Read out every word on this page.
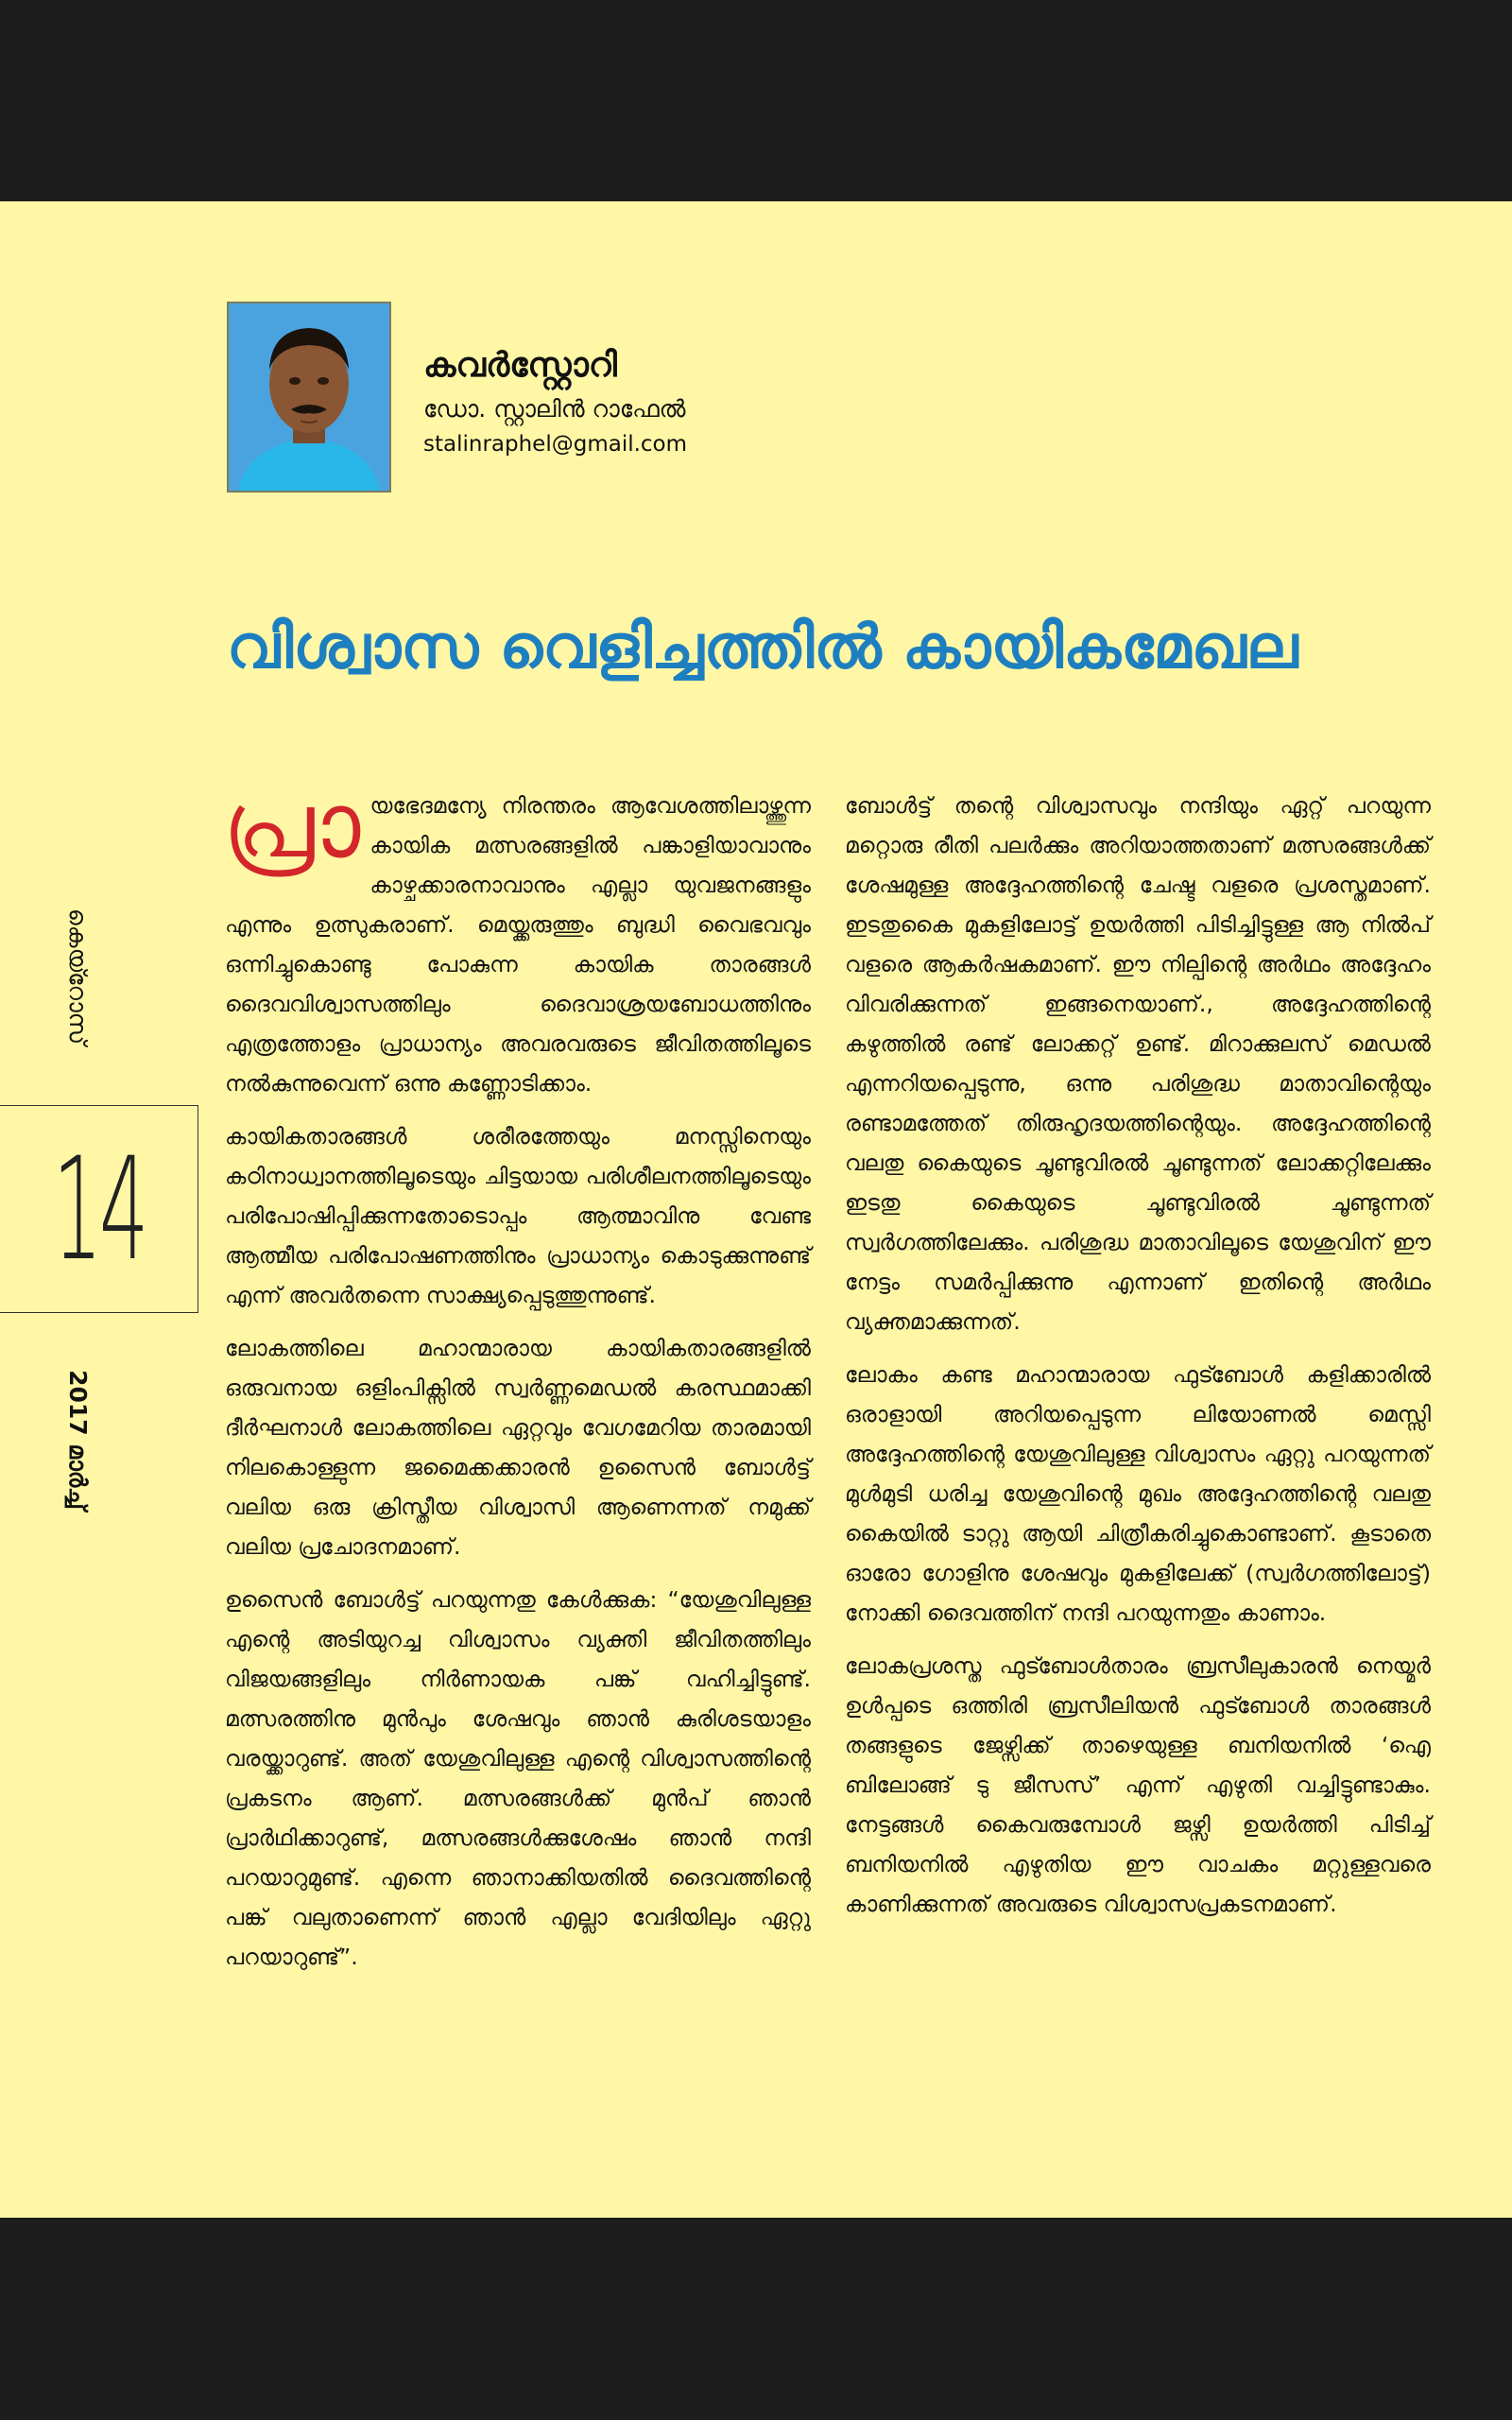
കവർസ്റ്റോറി
ഡോ. സ്റ്റാലിൻ റാഫേൽ
stalinraphel@gmail.com
വിശ്വാസ വെളിച്ചത്തിൽ കായികമേഖല
കെയ്റോസ്
14
2017 മാർച്ച്

പ്രാ യഭേദമന്യേ നിരന്തരം ആവേശത്തിലാഴ്ത്തുന്ന കായിക മത്സരങ്ങളിൽ പങ്കാളിയാവാനും കാഴ്ചക്കാരനാവാനും എല്ലാ യുവജനങ്ങളും എന്നും ഉത്സുകരാണ്. മെയ്ക്കരുത്തും ബുദ്ധി വൈഭവവും ഒന്നിച്ചുകൊണ്ടു പോകുന്ന കായിക താരങ്ങൾ ദൈവവിശ്വാസത്തിലും ദൈവാശ്രയബോധത്തിനും എത്രത്തോളം പ്രാധാന്യം അവരവരുടെ ജീവിതത്തിലൂടെ നൽകുന്നുവെന്ന് ഒന്നു കണ്ണോടിക്കാം.

കായികതാരങ്ങൾ ശരീരത്തേയും മനസ്സിനെയും കഠിനാധ്വാനത്തിലൂടെയും ചിട്ടയായ പരിശീലനത്തിലൂടെയും പരിപോഷിപ്പിക്കുന്നതോടൊപ്പം ആത്മാവിനു വേണ്ട ആത്മീയ പരിപോഷണത്തിനും പ്രാധാന്യം കൊടുക്കുന്നുണ്ട് എന്ന് അവർതന്നെ സാക്ഷ്യപ്പെടുത്തുന്നുണ്ട്.

ലോകത്തിലെ മഹാന്മാരായ കായികതാരങ്ങളിൽ ഒരുവനായ ഒളിംപിക്സിൽ സ്വർണ്ണമെഡൽ കരസ്ഥമാക്കി ദീർഘനാൾ ലോകത്തിലെ ഏറ്റവും വേഗമേറിയ താരമായി നിലകൊള്ളുന്ന ജമൈക്കക്കാരൻ ഉസൈൻ ബോൾട്ട് വലിയ ഒരു ക്രിസ്തീയ വിശ്വാസി ആണെന്നത് നമുക്ക് വലിയ പ്രചോദനമാണ്.

ഉസൈൻ ബോൾട്ട് പറയുന്നതു കേൾക്കുക: “യേശുവിലുള്ള എന്റെ അടിയുറച്ച വിശ്വാസം വ്യക്തി ജീവിതത്തിലും വിജയങ്ങളിലും നിർണായക പങ്ക് വഹിച്ചിട്ടുണ്ട്. മത്സരത്തിനു മുൻപും ശേഷവും ഞാൻ കുരിശടയാളം വരയ്ക്കാറുണ്ട്. അത് യേശുവിലുള്ള എന്റെ വിശ്വാസത്തിന്റെ പ്രകടനം ആണ്. മത്സരങ്ങൾക്ക് മുൻപ് ഞാൻ പ്രാർഥിക്കാറുണ്ട്, മത്സരങ്ങൾക്കുശേഷം ഞാൻ നന്ദി പറയാറുമുണ്ട്. എന്നെ ഞാനാക്കിയതിൽ ദൈവത്തിന്റെ പങ്ക് വലുതാണെന്ന് ഞാൻ എല്ലാ വേദിയിലും ഏറ്റു പറയാറുണ്ട്”.

ബോൾട്ട് തന്റെ വിശ്വാസവും നന്ദിയും ഏറ്റ് പറയുന്ന മറ്റൊരു രീതി പലർക്കും അറിയാത്തതാണ് മത്സരങ്ങൾക്ക് ശേഷമുള്ള അദ്ദേഹത്തിന്റെ ചേഷ്ട വളരെ പ്രശസ്തമാണ്. ഇടതുകൈ മുകളിലോട്ട് ഉയർത്തി പിടിച്ചിട്ടുള്ള ആ നിൽപ് വളരെ ആകർഷകമാണ്. ഈ നില്പിന്റെ അർഥം അദ്ദേഹം വിവരിക്കുന്നത് ഇങ്ങനെയാണ്., അദ്ദേഹത്തിന്റെ കഴുത്തിൽ രണ്ട് ലോക്കറ്റ് ഉണ്ട്. മിറാക്കുലസ് മെഡൽ എന്നറിയപ്പെടുന്നു, ഒന്നു പരിശുദ്ധ മാതാവിന്റെയും രണ്ടാമത്തേത് തിരുഹൃദയത്തിന്റെയും. അദ്ദേഹത്തിന്റെ വലതു കൈയുടെ ചൂണ്ടുവിരൽ ചൂണ്ടുന്നത് ലോക്കറ്റിലേക്കും ഇടതു കൈയുടെ ചൂണ്ടുവിരൽ ചൂണ്ടുന്നത് സ്വർഗത്തിലേക്കും. പരിശുദ്ധ മാതാവിലൂടെ യേശുവിന് ഈ നേട്ടം സമർപ്പിക്കുന്നു എന്നാണ് ഇതിന്റെ അർഥം വ്യക്തമാക്കുന്നത്.

ലോകം കണ്ട മഹാന്മാരായ ഫുട്ബോൾ കളിക്കാരിൽ ഒരാളായി അറിയപ്പെടുന്ന ലിയോണൽ മെസ്സി അദ്ദേഹത്തിന്റെ യേശുവിലുള്ള വിശ്വാസം ഏറ്റു പറയുന്നത് മുൾമുടി ധരിച്ച യേശുവിന്റെ മുഖം അദ്ദേഹത്തിന്റെ വലതു കൈയിൽ ടാറ്റു ആയി ചിത്രീകരിച്ചുകൊണ്ടാണ്. കൂടാതെ ഓരോ ഗോളിനു ശേഷവും മുകളിലേക്ക് (സ്വർഗത്തിലോട്ട്) നോക്കി ദൈവത്തിന് നന്ദി പറയുന്നതും കാണാം.

ലോകപ്രശസ്ത ഫുട്ബോൾതാരം ബ്രസീലുകാരൻ നെയ്മർ ഉൾപ്പടെ ഒത്തിരി ബ്രസീലിയൻ ഫുട്ബോൾ താരങ്ങൾ തങ്ങളുടെ ജേഴ്സിക്ക് താഴെയുള്ള ബനിയനിൽ ‘ഐ ബിലോങ്ങ് ടു ജീസസ്’ എന്ന് എഴുതി വച്ചിട്ടുണ്ടാകും. നേട്ടങ്ങൾ കൈവരുമ്പോൾ ജഴ്സി ഉയർത്തി പിടിച്ച് ബനിയനിൽ എഴുതിയ ഈ വാചകം മറ്റുള്ളവരെ കാണിക്കുന്നത് അവരുടെ വിശ്വാസപ്രകടനമാണ്.
